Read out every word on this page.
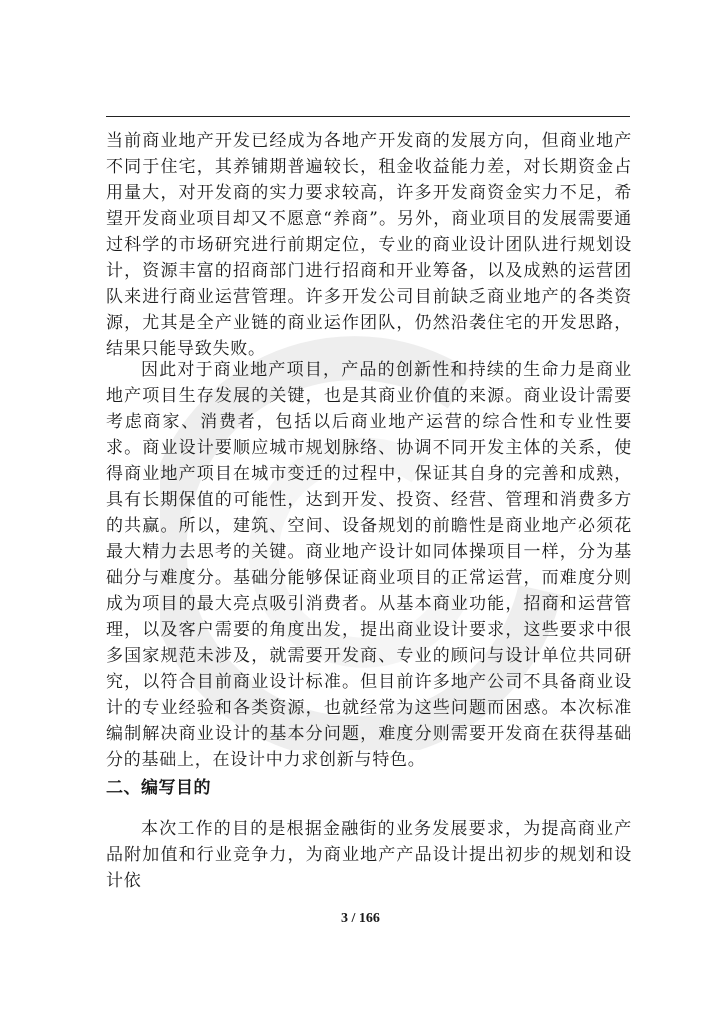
当前商业地产开发已经成为各地产开发商的发展方向，但商业地产不同于住宅，其养铺期普遍较长，租金收益能力差，对长期资金占用量大，对开发商的实力要求较高，许多开发商资金实力不足，希望开发商业项目却又不愿意“养商”。另外，商业项目的发展需要通过科学的市场研究进行前期定位，专业的商业设计团队进行规划设计，资源丰富的招商部门进行招商和开业筹备，以及成熟的运营团队来进行商业运营管理。许多开发公司目前缺乏商业地产的各类资源，尤其是全产业链的商业运作团队，仍然沿袭住宅的开发思路，结果只能导致失败。

因此对于商业地产项目，产品的创新性和持续的生命力是商业地产项目生存发展的关键，也是其商业价值的来源。商业设计需要考虑商家、消费者，包括以后商业地产运营的综合性和专业性要求。商业设计要顺应城市规划脉络、协调不同开发主体的关系，使得商业地产项目在城市变迁的过程中，保证其自身的完善和成熟，具有长期保值的可能性，达到开发、投资、经营、管理和消费多方的共赢。所以，建筑、空间、设备规划的前瞻性是商业地产必须花最大精力去思考的关键。商业地产设计如同体操项目一样，分为基础分与难度分。基础分能够保证商业项目的正常运营，而难度分则成为项目的最大亮点吸引消费者。从基本商业功能，招商和运营管理，以及客户需要的角度出发，提出商业设计要求，这些要求中很多国家规范未涉及，就需要开发商、专业的顾问与设计单位共同研究，以符合目前商业设计标准。但目前许多地产公司不具备商业设计的专业经验和各类资源，也就经常为这些问题而困惑。本次标准编制解决商业设计的基本分问题，难度分则需要开发商在获得基础分的基础上，在设计中力求创新与特色。

二、编写目的

本次工作的目的是根据金融街的业务发展要求，为提高商业产品附加值和行业竞争力，为商业地产产品设计提出初步的规划和设计依

3 / 166
